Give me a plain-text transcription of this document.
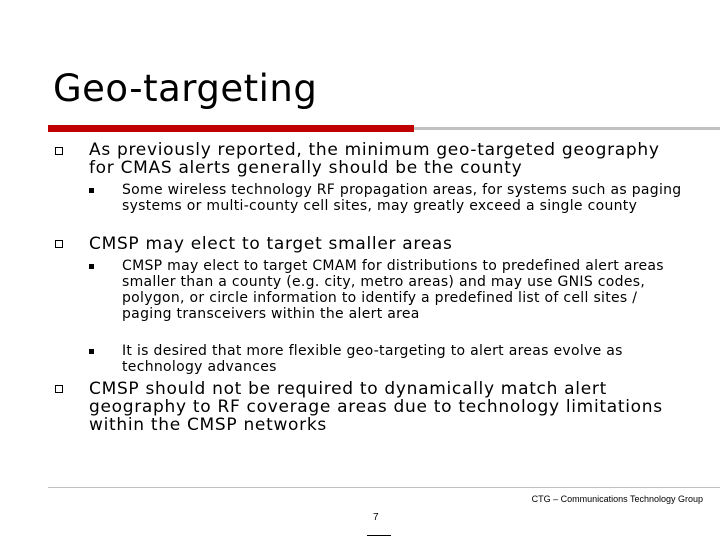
Geo-targeting
As previously reported, the minimum geo-targeted geography for CMAS alerts generally should be the county
Some wireless technology RF propagation areas, for systems such as paging systems or multi-county cell sites, may greatly exceed a single county
CMSP may elect to target smaller areas
CMSP may elect to target CMAM for distributions to predefined alert areas smaller than a county (e.g. city, metro areas) and may use GNIS codes, polygon, or circle information to identify a predefined list of cell sites / paging transceivers within the alert area
It is desired that more flexible geo-targeting to alert areas evolve as technology advances
CMSP should not be required to dynamically match alert geography to RF coverage areas due to technology limitations within the CMSP networks
CTG – Communications Technology Group
7
